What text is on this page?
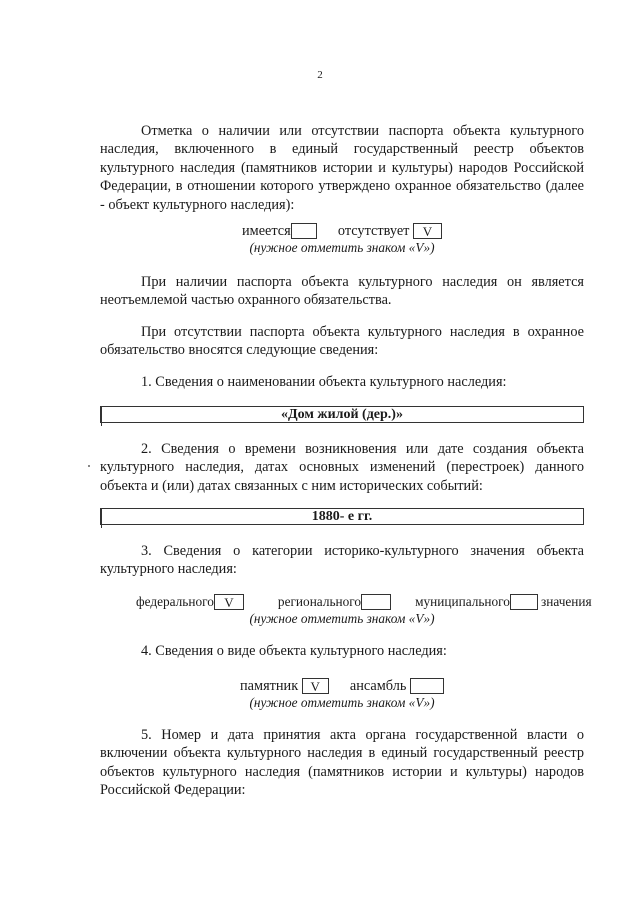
2
Отметка о наличии или отсутствии паспорта объекта культурного наследия, включенного в единый государственный реестр объектов культурного наследия (памятников истории и культуры) народов Российской Федерации, в отношении которого утверждено охранное обязательство (далее - объект культурного наследия):
имеется	отсутствует V
(нужное отметить знаком «V»)
При наличии паспорта объекта культурного наследия он является неотъемлемой частью охранного обязательства.
При отсутствии паспорта объекта культурного наследия в охранное обязательство вносятся следующие сведения:
1. Сведения о наименовании объекта культурного наследия:
«Дом жилой (дер.)»
2. Сведения о времени возникновения или дате создания объекта культурного наследия, датах основных изменений (перестроек) данного объекта и (или) датах связанных с ним исторических событий:
1880- е гг.
3. Сведения о категории историко-культурного значения объекта культурного наследия:
федерального V	регионального	муниципального значения
(нужное отметить знаком «V»)
4. Сведения о виде объекта культурного наследия:
памятник V ансамбль
(нужное отметить знаком «V»)
5. Номер и дата принятия акта органа государственной власти о включении объекта культурного наследия в единый государственный реестр объектов культурного наследия (памятников истории и культуры) народов Российской Федерации:
